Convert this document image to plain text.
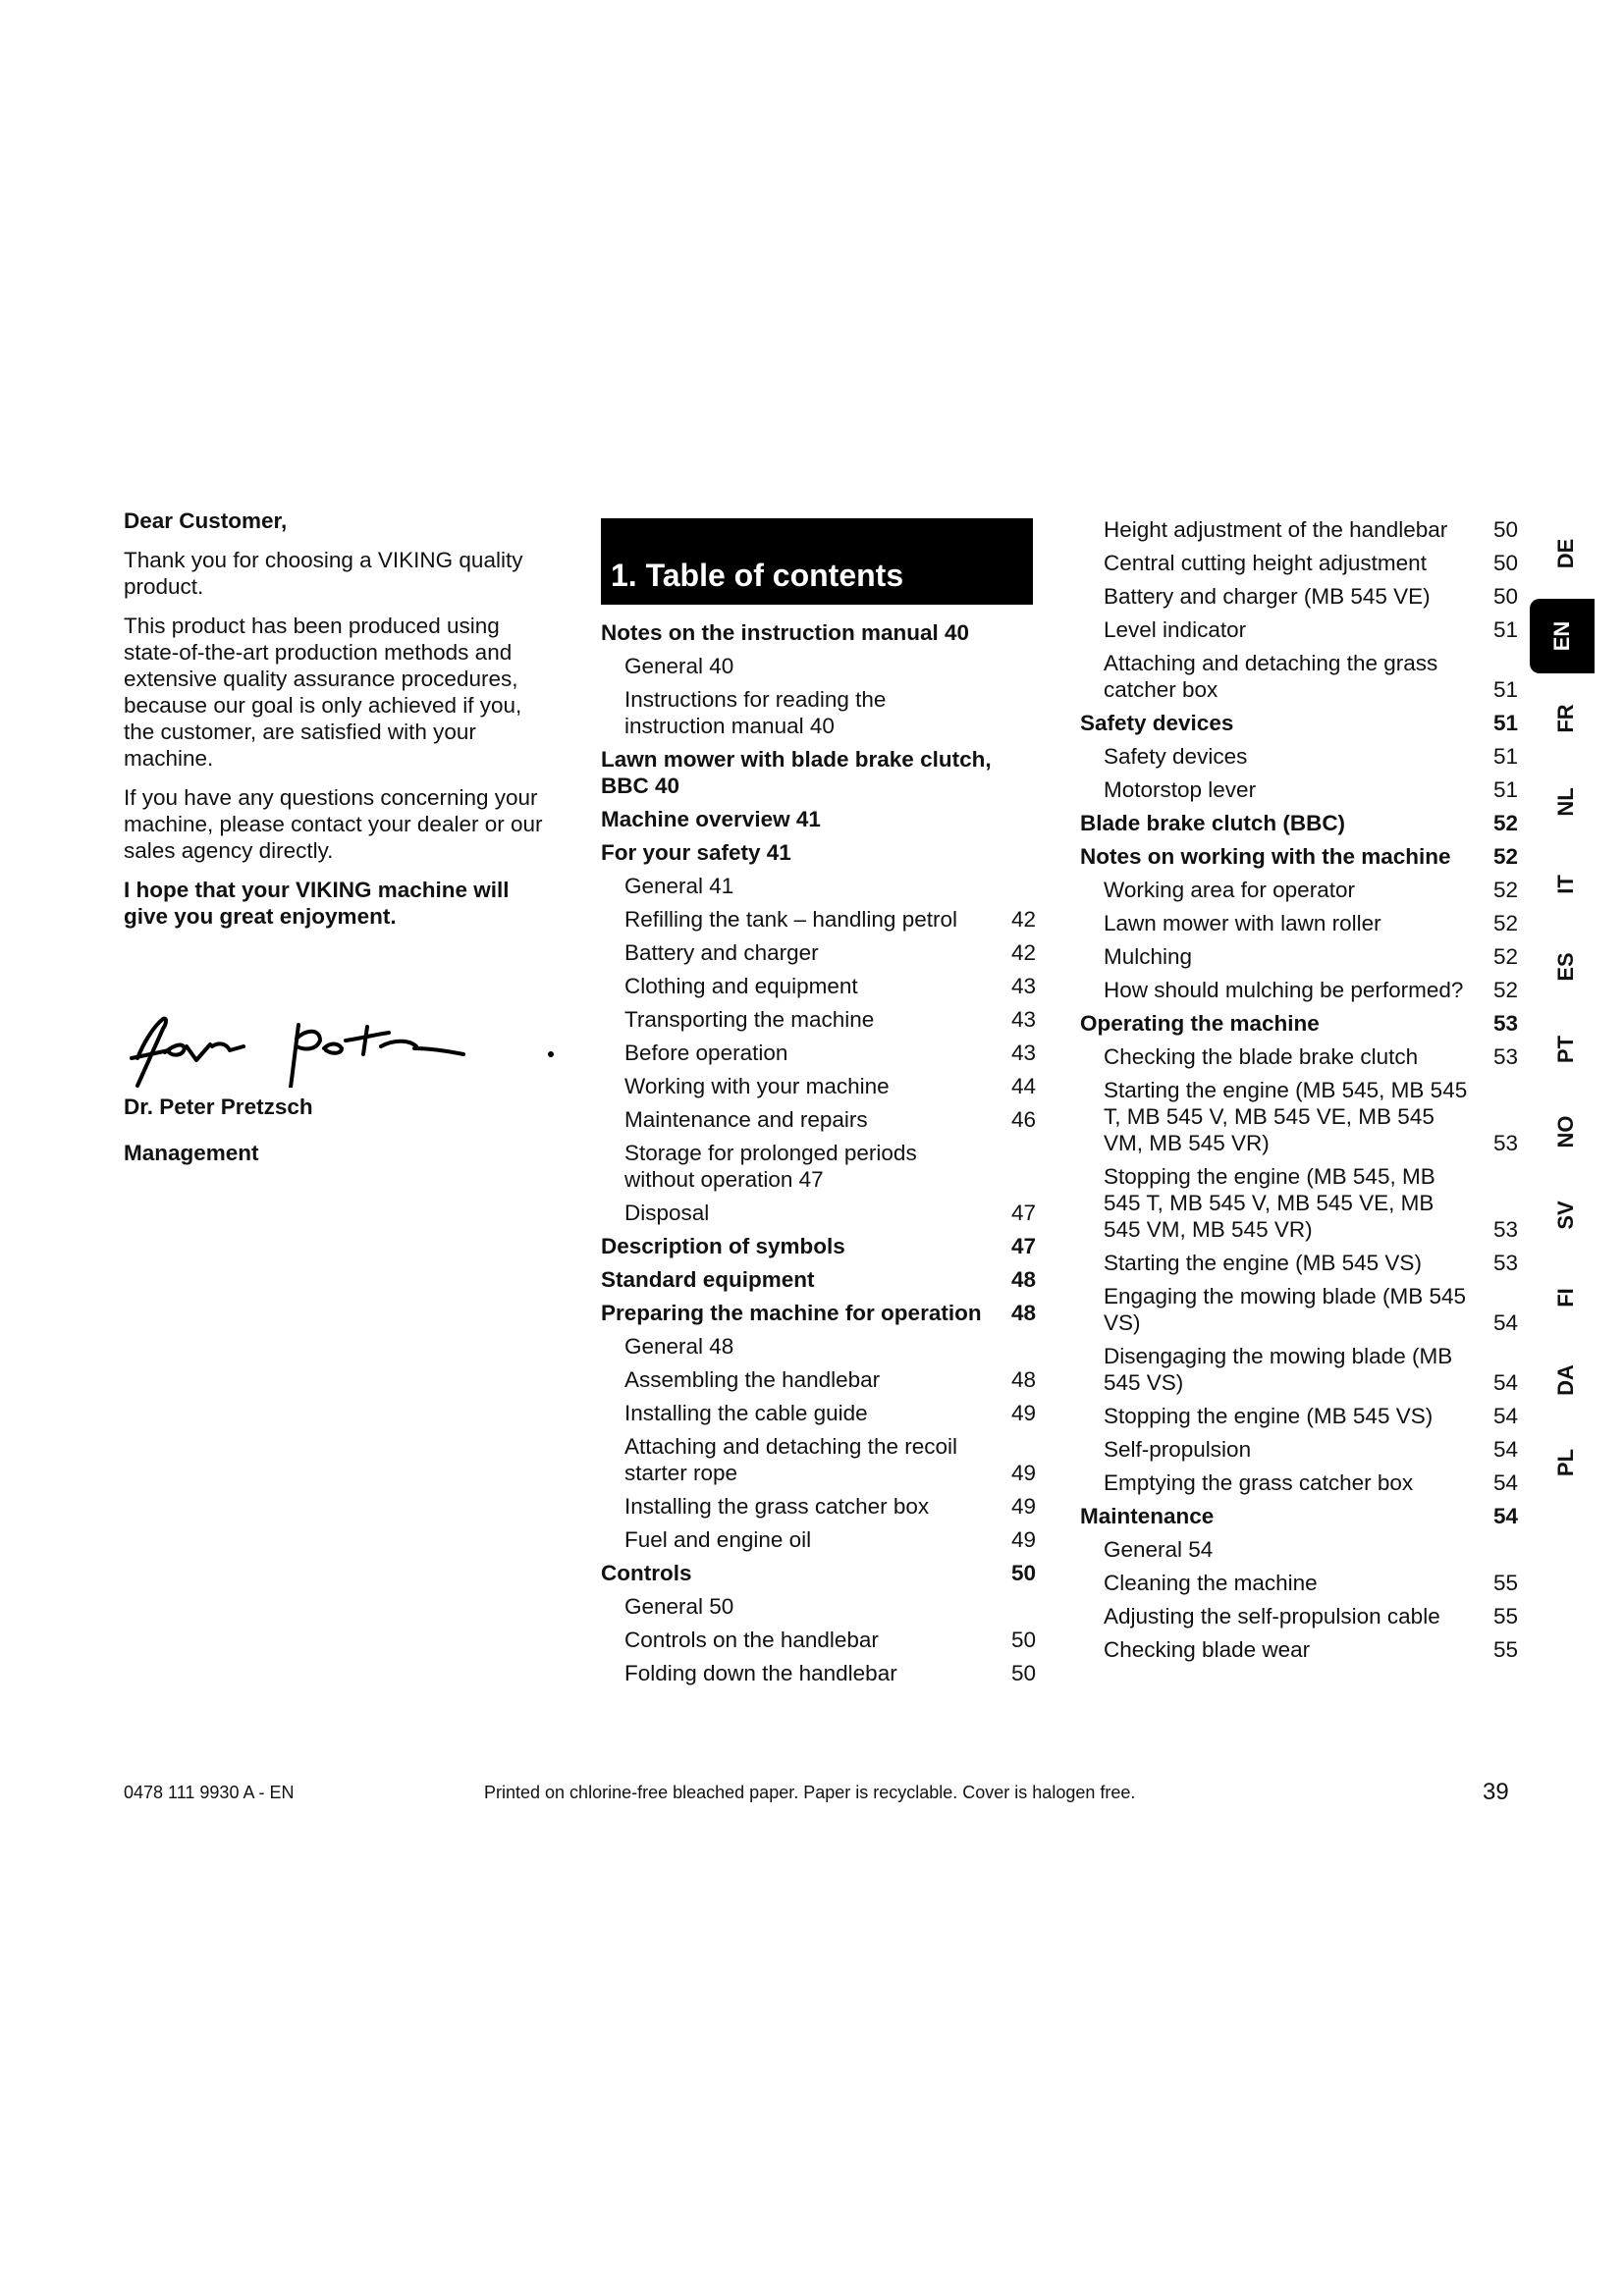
Dear Customer,

Thank you for choosing a VIKING quality product.

This product has been produced using state-of-the-art production methods and extensive quality assurance procedures, because our goal is only achieved if you, the customer, are satisfied with your machine.

If you have any questions concerning your machine, please contact your dealer or our sales agency directly.

I hope that your VIKING machine will give you great enjoyment.

Dr. Peter Pretzsch
Management
1. Table of contents
Notes on the instruction manual 40
General 40
Instructions for reading the instruction manual 40
Lawn mower with blade brake clutch, BBC 40
Machine overview 41
For your safety 41
General 41
Refilling the tank – handling petrol	42
Battery and charger	42
Clothing and equipment	43
Transporting the machine	43
Before operation	43
Working with your machine	44
Maintenance and repairs	46
Storage for prolonged periods without operation 47
Disposal	47
Description of symbols	47
Standard equipment	48
Preparing the machine for operation	48
General 48
Assembling the handlebar	48
Installing the cable guide	49
Attaching and detaching the recoil starter rope	49
Installing the grass catcher box	49
Fuel and engine oil	49
Controls	50
General 50
Controls on the handlebar	50
Folding down the handlebar	50
Height adjustment of the handlebar	50
Central cutting height adjustment	50
Battery and charger (MB 545 VE)	50
Level indicator	51
Attaching and detaching the grass catcher box	51
Safety devices	51
Safety devices	51
Motorstop lever	51
Blade brake clutch (BBC)	52
Notes on working with the machine	52
Working area for operator	52
Lawn mower with lawn roller	52
Mulching	52
How should mulching be performed?	52
Operating the machine	53
Checking the blade brake clutch	53
Starting the engine (MB 545, MB 545 T, MB 545 V, MB 545 VE, MB 545 VM, MB 545 VR)	53
Stopping the engine (MB 545, MB 545 T, MB 545 V, MB 545 VE, MB 545 VM, MB 545 VR)	53
Starting the engine (MB 545 VS)	53
Engaging the mowing blade (MB 545 VS)	54
Disengaging the mowing blade (MB 545 VS)	54
Stopping the engine (MB 545 VS)	54
Self-propulsion	54
Emptying the grass catcher box	54
Maintenance	54
General 54
Cleaning the machine	55
Adjusting the self-propulsion cable	55
Checking blade wear	55
DE
EN
FR
NL
IT
ES
PT
NO
SV
FI
DA
PL
0478 111 9930 A - EN	Printed on chlorine-free bleached paper. Paper is recyclable. Cover is halogen free.	39
